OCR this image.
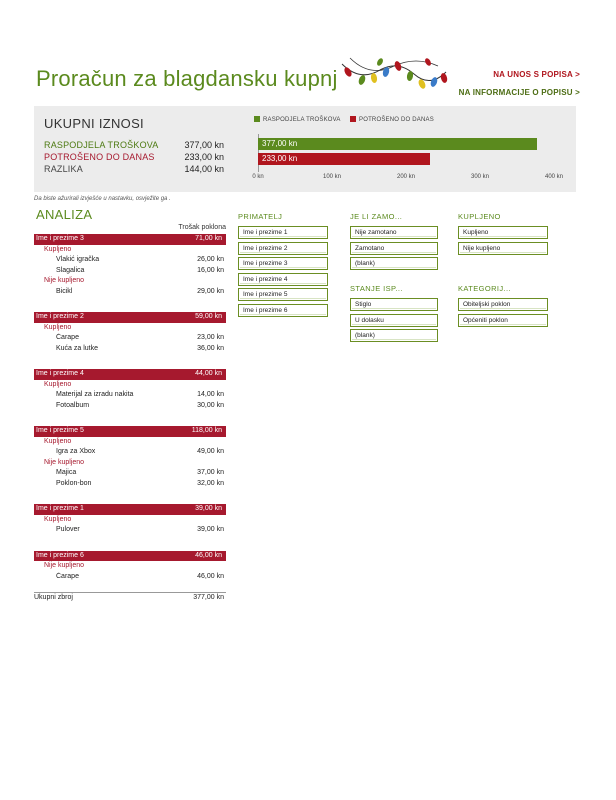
Proračun za blagdansku kupnj	NA UNOS S POPISA >
NA INFORMACIJE O POPISU >
UKUPNI IZNOSI
RASPODJELA TROŠKOVA	377,00 kn
POTROŠENO DO DANAS	233,00 kn
RAZLIKA	144,00 kn
RASPODJELA TROŠKOVA	POTROŠENO DO DANAS
377,00 kn
233,00 kn
0 kn	100 kn	200 kn	300 kn	400 kn
Da biste ažurirali izvješće u nastavku, osvježite ga .
ANALIZA
Trošak poklona
Ime i prezime 3	71,00 kn
Kupljeno
Vlakić igračka	26,00 kn
Slagalica	16,00 kn
Nije kupljeno
Bicikl	29,00 kn
Ime i prezime 2	59,00 kn
Kupljeno
Čarape	23,00 kn
Kuća za lutke	36,00 kn
Ime i prezime 4	44,00 kn
Kupljeno
Materijal za izradu nakita	14,00 kn
Fotoalbum	30,00 kn
Ime i prezime 5	118,00 kn
Kupljeno
Igra za Xbox	49,00 kn
Nije kupljeno
Majica	37,00 kn
Poklon-bon	32,00 kn
Ime i prezime 1	39,00 kn
Kupljeno
Pulover	39,00 kn
Ime i prezime 6	46,00 kn
Nije kupljeno
Čarape	46,00 kn
Ukupni zbroj	377,00 kn
PRIMATELJ
Ime i prezime 1
Ime i prezime 2
Ime i prezime 3
Ime i prezime 4
Ime i prezime 5
Ime i prezime 6
JE LI ZAMO...
Nije zamotano
Zamotano
(blank)
STANJE ISP...
Stiglo
U dolasku
(blank)
KUPLJENO
Kupljeno
Nije kupljeno
KATEGORIJ...
Obiteljski poklon
Općeniti poklon
